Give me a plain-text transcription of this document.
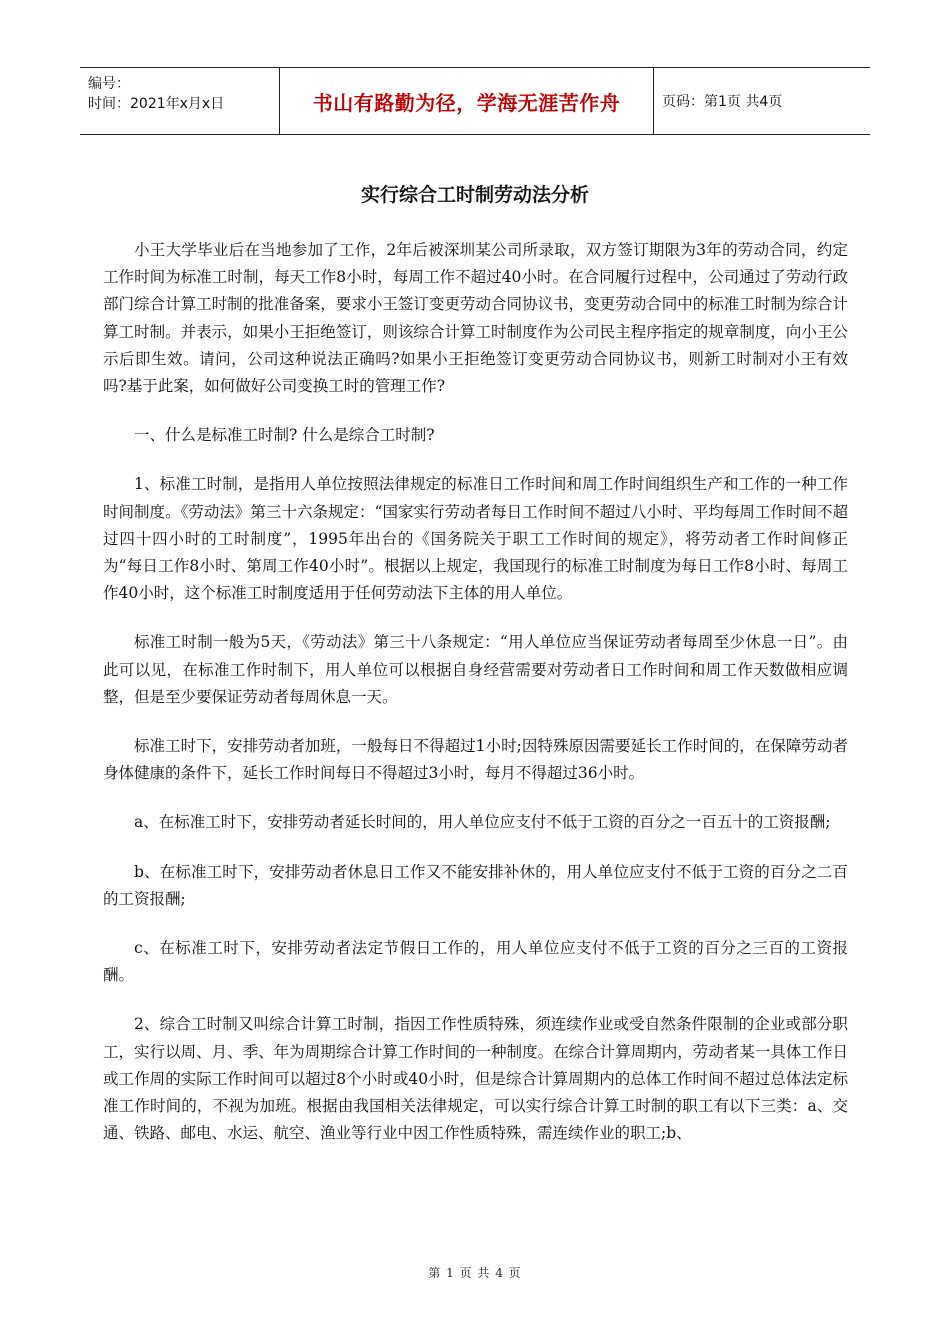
编号：
时间：2021年x月x日	书山有路勤为径，学海无涯苦作舟	页码：第1页 共4页
实行综合工时制劳动法分析

小王大学毕业后在当地参加了工作，2年后被深圳某公司所录取，双方签订期限为3年的劳动合同，约定工作时间为标准工时制，每天工作8小时，每周工作不超过40小时。在合同履行过程中，公司通过了劳动行政部门综合计算工时制的批准备案，要求小王签订变更劳动合同协议书，变更劳动合同中的标准工时制为综合计算工时制。并表示，如果小王拒绝签订，则该综合计算工时制度作为公司民主程序指定的规章制度，向小王公示后即生效。请问，公司这种说法正确吗?如果小王拒绝签订变更劳动合同协议书，则新工时制对小王有效吗?基于此案，如何做好公司变换工时的管理工作?

一、什么是标准工时制? 什么是综合工时制?

1、标准工时制，是指用人单位按照法律规定的标准日工作时间和周工作时间组织生产和工作的一种工作时间制度。《劳动法》第三十六条规定：“国家实行劳动者每日工作时间不超过八小时、平均每周工作时间不超过四十四小时的工时制度”，1995年出台的《国务院关于职工工作时间的规定》，将劳动者工作时间修正为“每日工作8小时、第周工作40小时”。根据以上规定，我国现行的标准工时制度为每日工作8小时、每周工作40小时，这个标准工时制度适用于任何劳动法下主体的用人单位。

标准工时制一般为5天，《劳动法》第三十八条规定：“用人单位应当保证劳动者每周至少休息一日”。由此可以见，在标准工作时制下，用人单位可以根据自身经营需要对劳动者日工作时间和周工作天数做相应调整，但是至少要保证劳动者每周休息一天。

标准工时下，安排劳动者加班，一般每日不得超过1小时;因特殊原因需要延长工作时间的，在保障劳动者身体健康的条件下，延长工作时间每日不得超过3小时，每月不得超过36小时。

a、在标准工时下，安排劳动者延长时间的，用人单位应支付不低于工资的百分之一百五十的工资报酬;

b、在标准工时下，安排劳动者休息日工作又不能安排补休的，用人单位应支付不低于工资的百分之二百的工资报酬;

c、在标准工时下，安排劳动者法定节假日工作的，用人单位应支付不低于工资的百分之三百的工资报酬。

2、综合工时制又叫综合计算工时制，指因工作性质特殊，须连续作业或受自然条件限制的企业或部分职工，实行以周、月、季、年为周期综合计算工作时间的一种制度。在综合计算周期内，劳动者某一具体工作日或工作周的实际工作时间可以超过8个小时或40小时，但是综合计算周期内的总体工作时间不超过总体法定标准工作时间的，不视为加班。根据由我国相关法律规定，可以实行综合计算工时制的职工有以下三类：a、交通、铁路、邮电、水运、航空、渔业等行业中因工作性质特殊，需连续作业的职工;b、

第 1 页 共 4 页
